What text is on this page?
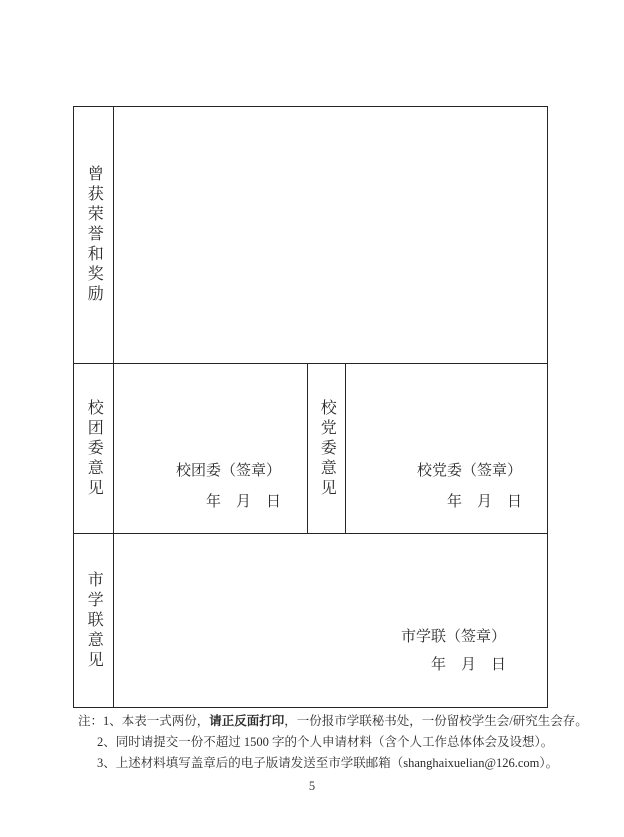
曾获荣誉和奖励
校团委意见	校团委（签章）
年　月　日
校党委意见	校党委（签章）
年　月　日
市学联意见	市学联（签章）
年　月　日
注： 1、本表一式两份，请正反面打印，一份报市学联秘书处，一份留校学生会/研究生会存。
2、同时请提交一份不超过 1500 字的个人申请材料（含个人工作总体体会及设想）。
3、上述材料填写盖章后的电子版请发送至市学联邮箱（shanghaixuelian@126.com）。
5
